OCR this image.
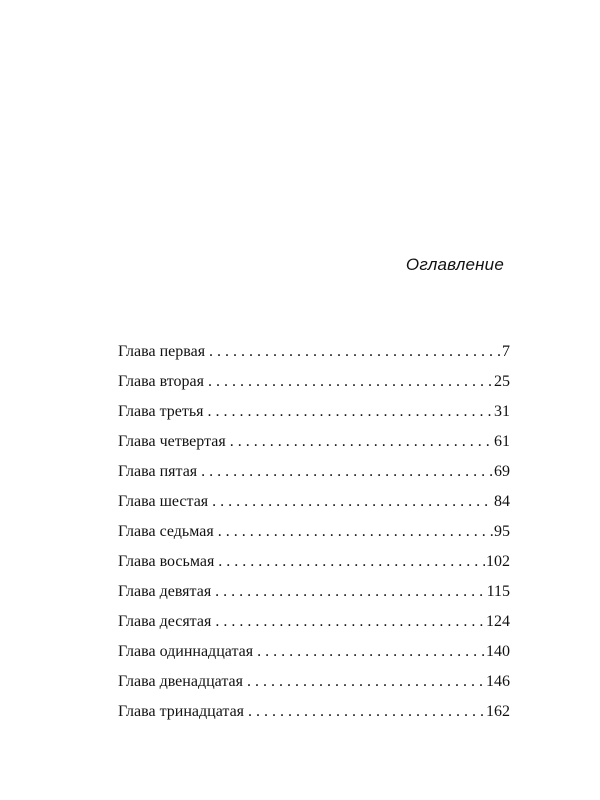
Оглавление
Глава первая . . .	7
Глава вторая . . .	25
Глава третья . . .	31
Глава четвертая . . .	61
Глава пятая . . .	69
Глава шестая . . .	84
Глава седьмая . . .	95
Глава восьмая . . .	102
Глава девятая . . .	115
Глава десятая . . .	124
Глава одиннадцатая . . .	140
Глава двенадцатая . . .	146
Глава тринадцатая . . .	162
